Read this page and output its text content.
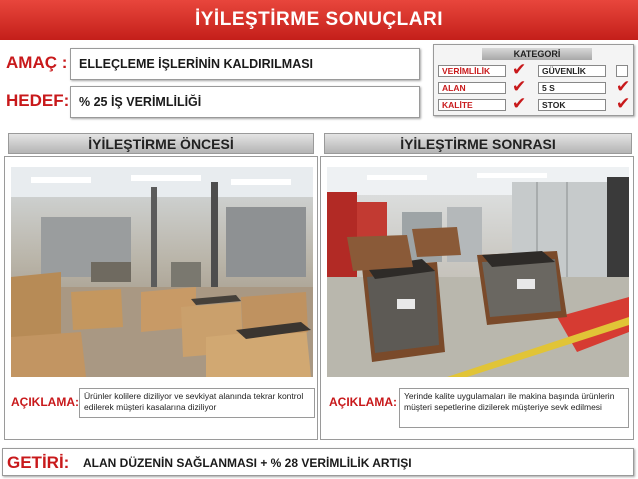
İYİLEŞTİRME SONUÇLARI
AMAÇ : ELLEÇLEME İŞLERİNİN KALDIRILMASI
HEDEF: % 25 İŞ VERİMLİLİĞİ
KATEGORİ
VERİMLİLİK	✔	GÜVENLİK
ALAN	✔	5 S	✔
KALİTE	✔	STOK	✔
İYİLEŞTİRME ÖNCESİ
AÇIKLAMA: Ürünler kolilere diziliyor ve sevkiyat alanında tekrar kontrol edilerek müşteri kasalarına diziliyor
İYİLEŞTİRME SONRASI
AÇIKLAMA: Yerinde kalite uygulamaları ile makina başında ürünlerin müşteri sepetlerine dizilerek müşteriye sevk edilmesi
GETİRİ: ALAN DÜZENİN SAĞLANMASI + % 28 VERİMLİLİK ARTIŞI
